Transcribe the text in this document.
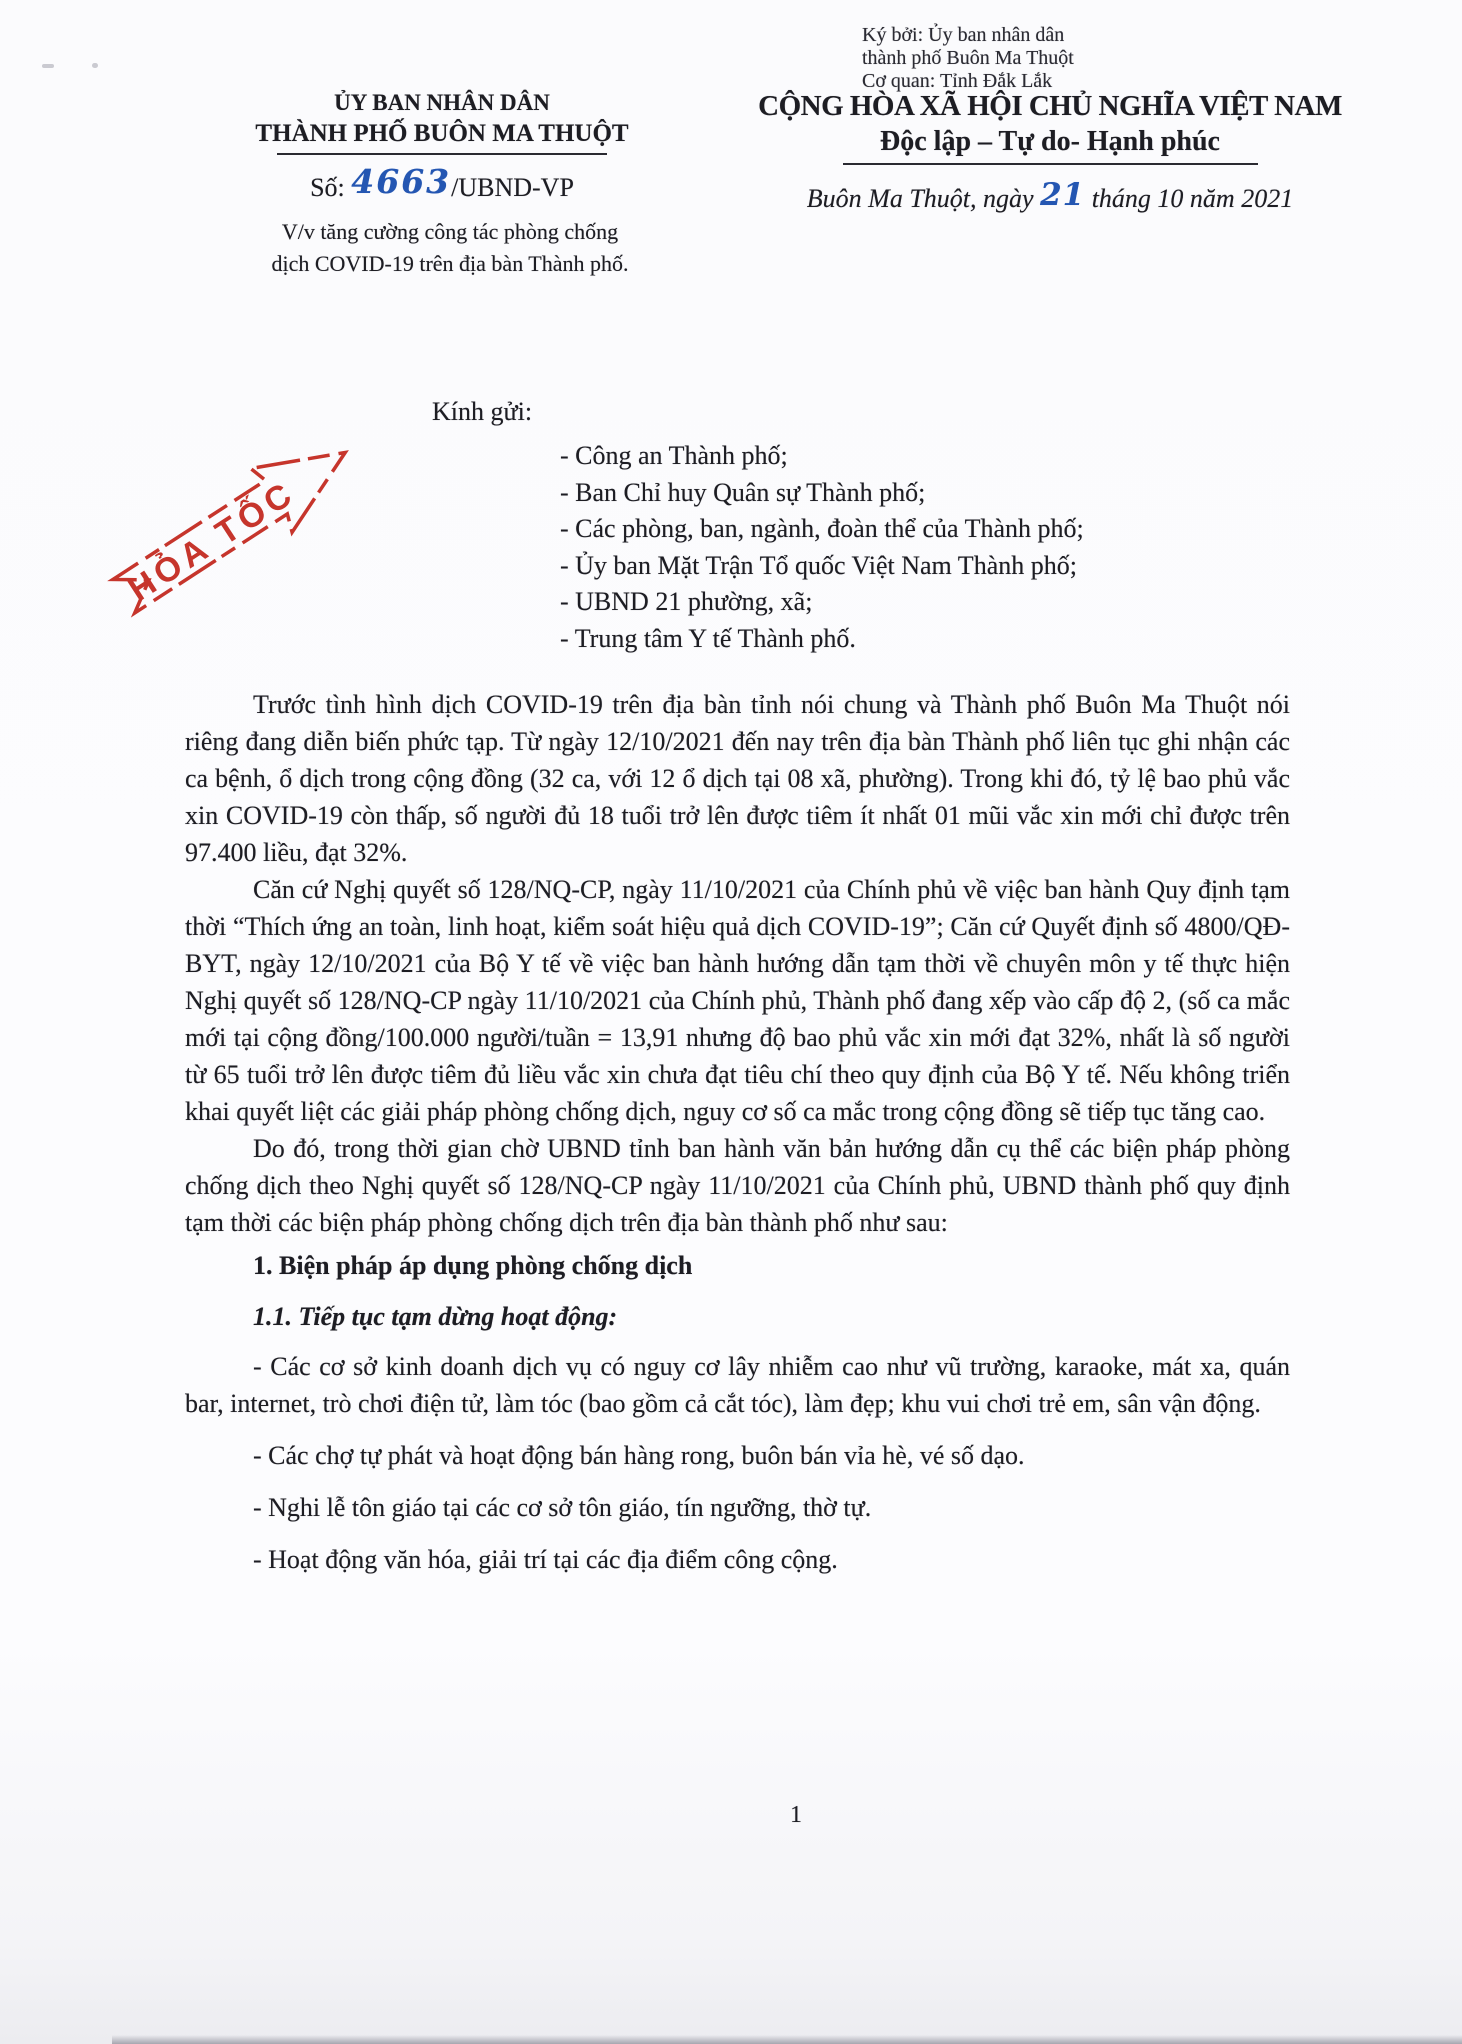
Ký bởi: Ủy ban nhân dân
thành phố Buôn Ma Thuột
Cơ quan: Tỉnh Đắk Lắk
ỦY BAN NHÂN DÂN
THÀNH PHỐ BUÔN MA THUỘT
Số: 4663/UBND-VP
CỘNG HÒA XÃ HỘI CHỦ NGHĨA VIỆT NAM
Độc lập – Tự do- Hạnh phúc
Buôn Ma Thuột, ngày 21 tháng 10 năm 2021
V/v tăng cường công tác phòng chống
dịch COVID-19 trên địa bàn Thành phố.
HỎA TỐC
Kính gửi:
- Công an Thành phố;
- Ban Chỉ huy Quân sự Thành phố;
- Các phòng, ban, ngành, đoàn thể của Thành phố;
- Ủy ban Mặt Trận Tổ quốc Việt Nam Thành phố;
- UBND 21 phường, xã;
- Trung tâm Y tế Thành phố.

Trước tình hình dịch COVID-19 trên địa bàn tỉnh nói chung và Thành phố Buôn Ma Thuột nói riêng đang diễn biến phức tạp. Từ ngày 12/10/2021 đến nay trên địa bàn Thành phố liên tục ghi nhận các ca bệnh, ổ dịch trong cộng đồng (32 ca, với 12 ổ dịch tại 08 xã, phường). Trong khi đó, tỷ lệ bao phủ vắc xin COVID-19 còn thấp, số người đủ 18 tuổi trở lên được tiêm ít nhất 01 mũi vắc xin mới chỉ được trên 97.400 liều, đạt 32%.

Căn cứ Nghị quyết số 128/NQ-CP, ngày 11/10/2021 của Chính phủ về việc ban hành Quy định tạm thời “Thích ứng an toàn, linh hoạt, kiểm soát hiệu quả dịch COVID-19”; Căn cứ Quyết định số 4800/QĐ-BYT, ngày 12/10/2021 của Bộ Y tế về việc ban hành hướng dẫn tạm thời về chuyên môn y tế thực hiện Nghị quyết số 128/NQ-CP ngày 11/10/2021 của Chính phủ, Thành phố đang xếp vào cấp độ 2, (số ca mắc mới tại cộng đồng/100.000 người/tuần = 13,91 nhưng độ bao phủ vắc xin mới đạt 32%, nhất là số người từ 65 tuổi trở lên được tiêm đủ liều vắc xin chưa đạt tiêu chí theo quy định của Bộ Y tế. Nếu không triển khai quyết liệt các giải pháp phòng chống dịch, nguy cơ số ca mắc trong cộng đồng sẽ tiếp tục tăng cao.

Do đó, trong thời gian chờ UBND tỉnh ban hành văn bản hướng dẫn cụ thể các biện pháp phòng chống dịch theo Nghị quyết số 128/NQ-CP ngày 11/10/2021 của Chính phủ, UBND thành phố quy định tạm thời các biện pháp phòng chống dịch trên địa bàn thành phố như sau:

1. Biện pháp áp dụng phòng chống dịch

1.1. Tiếp tục tạm dừng hoạt động:

- Các cơ sở kinh doanh dịch vụ có nguy cơ lây nhiễm cao như vũ trường, karaoke, mát xa, quán bar, internet, trò chơi điện tử, làm tóc (bao gồm cả cắt tóc), làm đẹp; khu vui chơi trẻ em, sân vận động.

- Các chợ tự phát và hoạt động bán hàng rong, buôn bán vỉa hè, vé số dạo.

- Nghi lễ tôn giáo tại các cơ sở tôn giáo, tín ngưỡng, thờ tự.

- Hoạt động văn hóa, giải trí tại các địa điểm công cộng.

1
